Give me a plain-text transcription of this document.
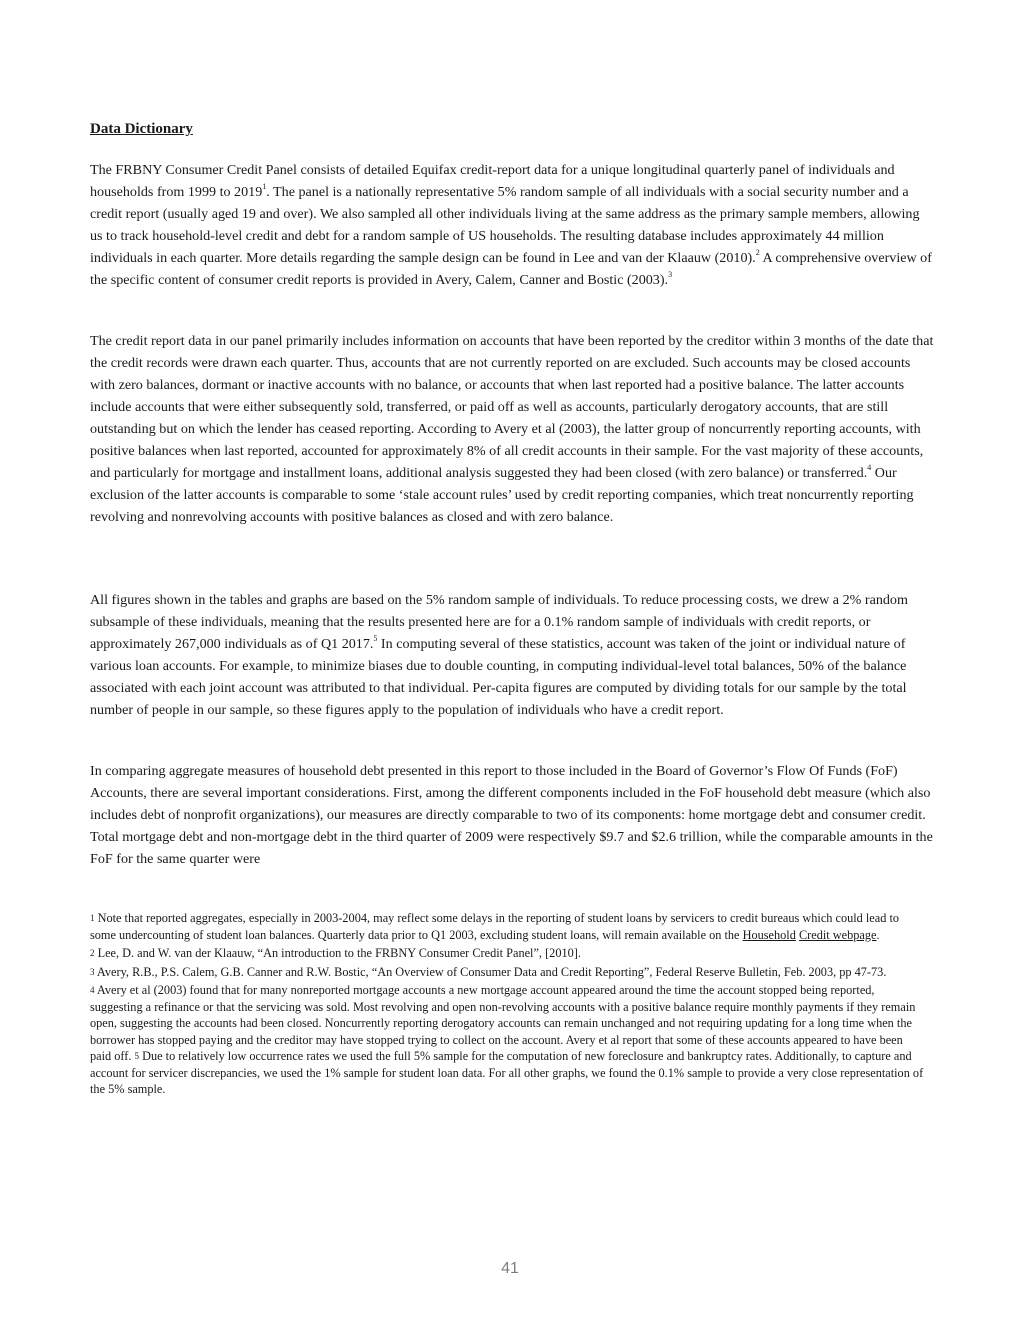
Data Dictionary

The FRBNY Consumer Credit Panel consists of detailed Equifax credit-report data for a unique longitudinal quarterly panel of individuals and households from 1999 to 2019$^1$. The panel is a nationally representative 5% random sample of all individuals with a social security number and a credit report (usually aged 19 and over). We also sampled all other individuals living at the same address as the primary sample members, allowing us to track household-level credit and debt for a random sample of US households. The resulting database includes approximately 44 million individuals in each quarter. More details regarding the sample design can be found in Lee and van der Klaauw (2010).$^2$ A comprehensive overview of the specific content of consumer credit reports is provided in Avery, Calem, Canner and Bostic (2003).$^3$

The credit report data in our panel primarily includes information on accounts that have been reported by the creditor within 3 months of the date that the credit records were drawn each quarter. Thus, accounts that are not currently reported on are excluded. Such accounts may be closed accounts with zero balances, dormant or inactive accounts with no balance, or accounts that when last reported had a positive balance. The latter accounts include accounts that were either subsequently sold, transferred, or paid off as well as accounts, particularly derogatory accounts, that are still outstanding but on which the lender has ceased reporting. According to Avery et al (2003), the latter group of noncurrently reporting accounts, with positive balances when last reported, accounted for approximately 8% of all credit accounts in their sample. For the vast majority of these accounts, and particularly for mortgage and installment loans, additional analysis suggested they had been closed (with zero balance) or transferred.$^4$ Our exclusion of the latter accounts is comparable to some ‘stale account rules’ used by credit reporting companies, which treat noncurrently reporting revolving and nonrevolving accounts with positive balances as closed and with zero balance.

All figures shown in the tables and graphs are based on the 5% random sample of individuals. To reduce processing costs, we drew a 2% random subsample of these individuals, meaning that the results presented here are for a 0.1% random sample of individuals with credit reports, or approximately 267,000 individuals as of Q1 2017.$^5$ In computing several of these statistics, account was taken of the joint or individual nature of various loan accounts. For example, to minimize biases due to double counting, in computing individual-level total balances, 50% of the balance associated with each joint account was attributed to that individual. Per-capita figures are computed by dividing totals for our sample by the total number of people in our sample, so these figures apply to the population of individuals who have a credit report.

In comparing aggregate measures of household debt presented in this report to those included in the Board of Governor’s Flow Of Funds (FoF) Accounts, there are several important considerations. First, among the different components included in the FoF household debt measure (which also includes debt of nonprofit organizations), our measures are directly comparable to two of its components: home mortgage debt and consumer credit. Total mortgage debt and non-mortgage debt in the third quarter of 2009 were respectively $9.7 and $2.6 trillion, while the comparable amounts in the FoF for the same quarter were

1 Note that reported aggregates, especially in 2003-2004, may reflect some delays in the reporting of student loans by servicers to credit bureaus which could lead to some undercounting of student loan balances. Quarterly data prior to Q1 2003, excluding student loans, will remain available on the Household Credit webpage.

2 Lee, D. and W. van der Klaauw, “An introduction to the FRBNY Consumer Credit Panel”, [2010].

3 Avery, R.B., P.S. Calem, G.B. Canner and R.W. Bostic, “An Overview of Consumer Data and Credit Reporting”, Federal Reserve Bulletin, Feb. 2003, pp 47-73.

4 Avery et al (2003) found that for many nonreported mortgage accounts a new mortgage account appeared around the time the account stopped being reported, suggesting a refinance or that the servicing was sold. Most revolving and open non-revolving accounts with a positive balance require monthly payments if they remain open, suggesting the accounts had been closed. Noncurrently reporting derogatory accounts can remain unchanged and not requiring updating for a long time when the borrower has stopped paying and the creditor may have stopped trying to collect on the account. Avery et al report that some of these accounts appeared to have been paid off. 5 Due to relatively low occurrence rates we used the full 5% sample for the computation of new foreclosure and bankruptcy rates. Additionally, to capture and account for servicer discrepancies, we used the 1% sample for student loan data. For all other graphs, we found the 0.1% sample to provide a very close representation of the 5% sample.

41
